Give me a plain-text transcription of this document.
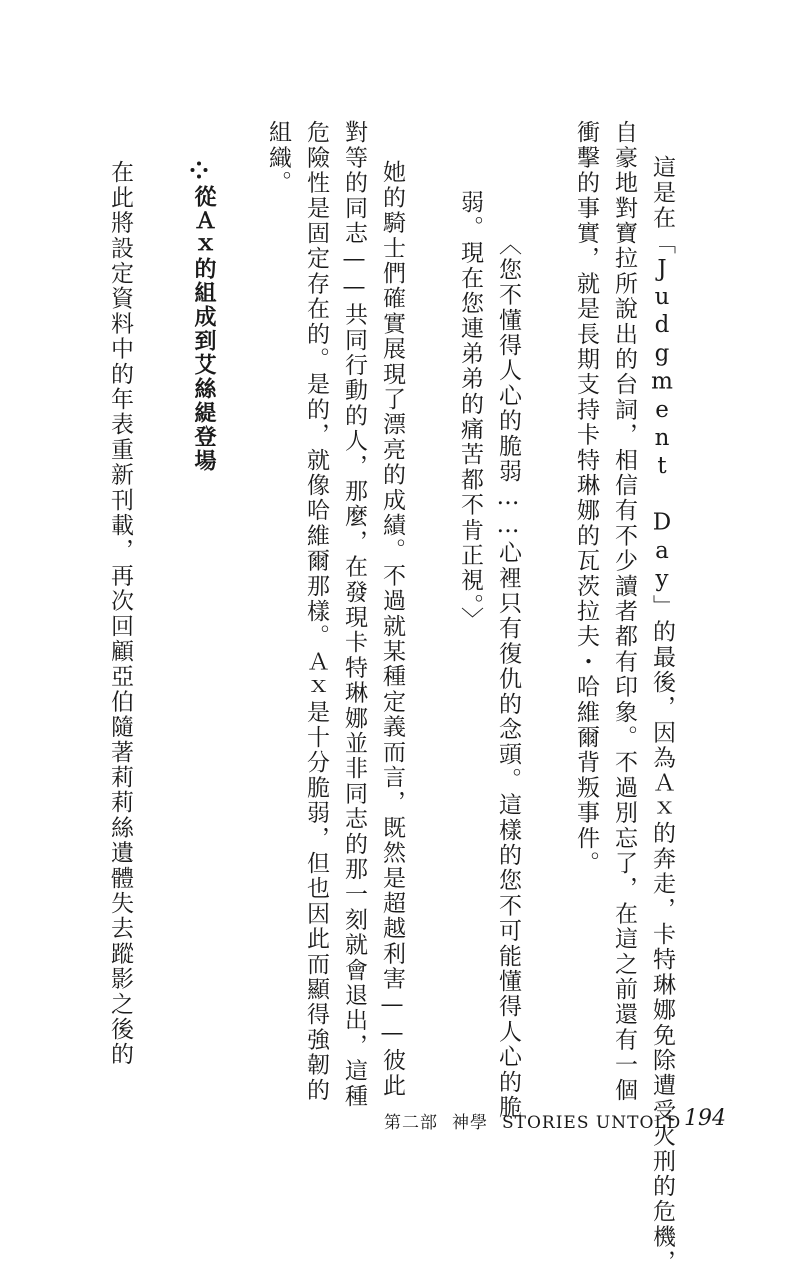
這是在「Judgment Day」的最後，因為Ａｘ的奔走，卡特琳娜免除遭受火刑的危機，
自豪地對寶拉所說出的台詞，相信有不少讀者都有印象。不過別忘了，在這之前還有一個
衝擊的事實，就是長期支持卡特琳娜的瓦茨拉夫・哈維爾背叛事件。
〈您不懂得人心的脆弱……心裡只有復仇的念頭。這樣的您不可能懂得人心的脆
弱。現在您連弟弟的痛苦都不肯正視。〉
她的騎士們確實展現了漂亮的成績。不過就某種定義而言，既然是超越利害——彼此
對等的同志——共同行動的人，那麼，在發現卡特琳娜並非同志的那一刻就會退出，這種
危險性是固定存在的。是的，就像哈維爾那樣。Ａｘ是十分脆弱，但也因此而顯得強韌的
組織。
從Ａｘ的組成到艾絲緹登場
在此將設定資料中的年表重新刊載，再次回顧亞伯隨著莉莉絲遺體失去蹤影之後的
第二部 神學 STORIES UNTOLD 194
